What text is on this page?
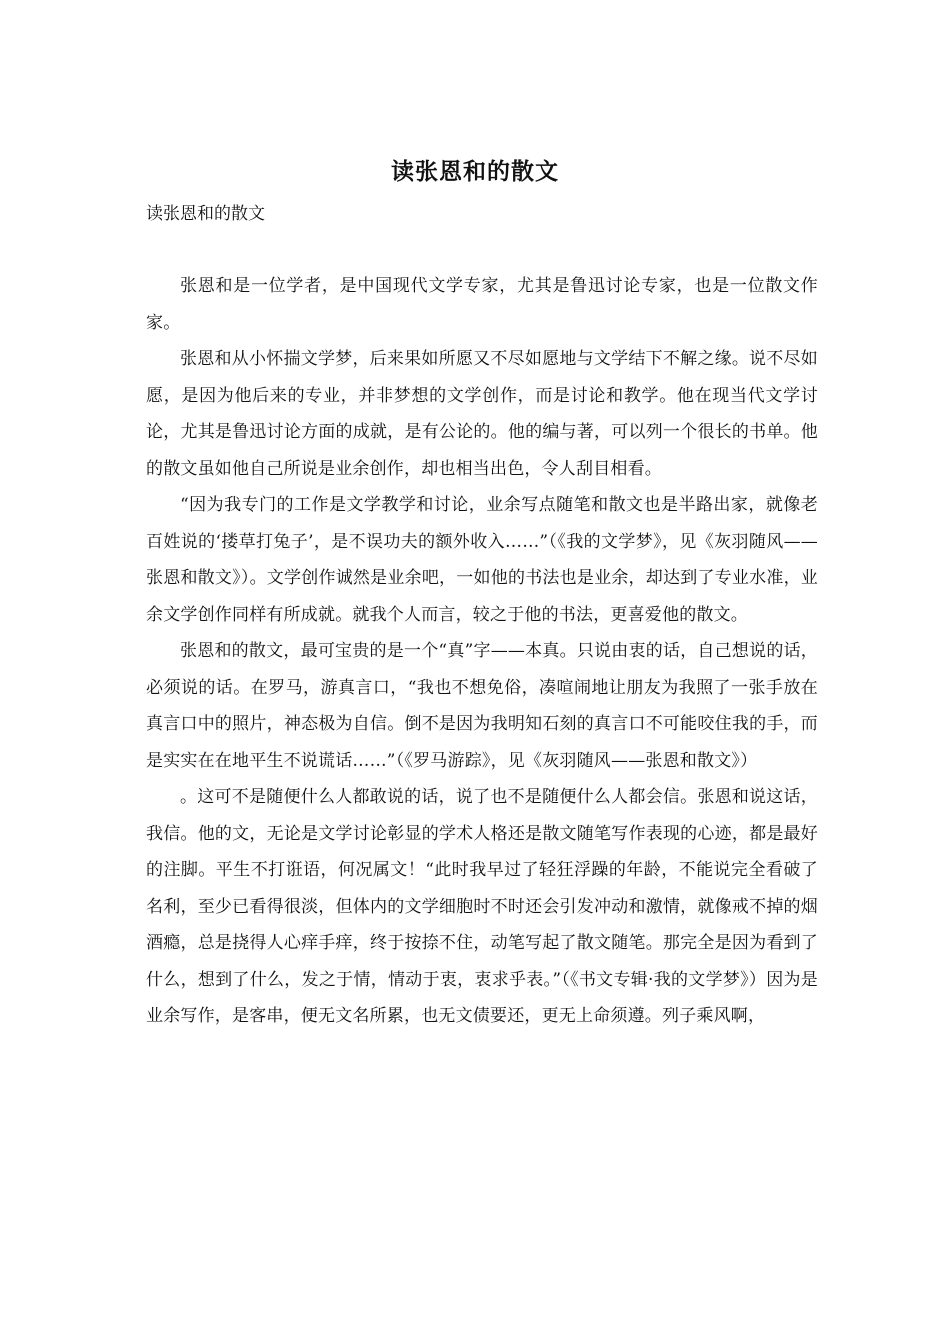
读张恩和的散文
读张恩和的散文

张恩和是一位学者，是中国现代文学专家，尤其是鲁迅讨论专家，也是一位散文作家。

张恩和从小怀揣文学梦，后来果如所愿又不尽如愿地与文学结下不解之缘。说不尽如愿，是因为他后来的专业，并非梦想的文学创作，而是讨论和教学。他在现当代文学讨论，尤其是鲁迅讨论方面的成就，是有公论的。他的编与著，可以列一个很长的书单。他的散文虽如他自己所说是业余创作，却也相当出色，令人刮目相看。

“因为我专门的工作是文学教学和讨论，业余写点随笔和散文也是半路出家，就像老百姓说的‘搂草打兔子’，是不误功夫的额外收入……”（《我的文学梦》，见《灰羽随风——张恩和散文》）。文学创作诚然是业余吧，一如他的书法也是业余，却达到了专业水准，业余文学创作同样有所成就。就我个人而言，较之于他的书法，更喜爱他的散文。

张恩和的散文，最可宝贵的是一个“真”字——本真。只说由衷的话，自己想说的话，必须说的话。在罗马，游真言口，“我也不想免俗，凑喧闹地让朋友为我照了一张手放在真言口中的照片，神态极为自信。倒不是因为我明知石刻的真言口不可能咬住我的手，而是实实在在地平生不说谎话……”（《罗马游踪》，见《灰羽随风——张恩和散文》）

。这可不是随便什么人都敢说的话，说了也不是随便什么人都会信。张恩和说这话，我信。他的文，无论是文学讨论彰显的学术人格还是散文随笔写作表现的心迹，都是最好的注脚。平生不打诳语，何况属文！“此时我早过了轻狂浮躁的年龄，不能说完全看破了名利，至少已看得很淡，但体内的文学细胞时不时还会引发冲动和激情，就像戒不掉的烟酒瘾，总是挠得人心痒手痒，终于按捺不住，动笔写起了散文随笔。那完全是因为看到了什么，想到了什么，发之于情，情动于衷，衷求乎表。”（《书文专辑·我的文学梦》）因为是业余写作，是客串，便无文名所累，也无文债要还，更无上命须遵。列子乘风啊，
